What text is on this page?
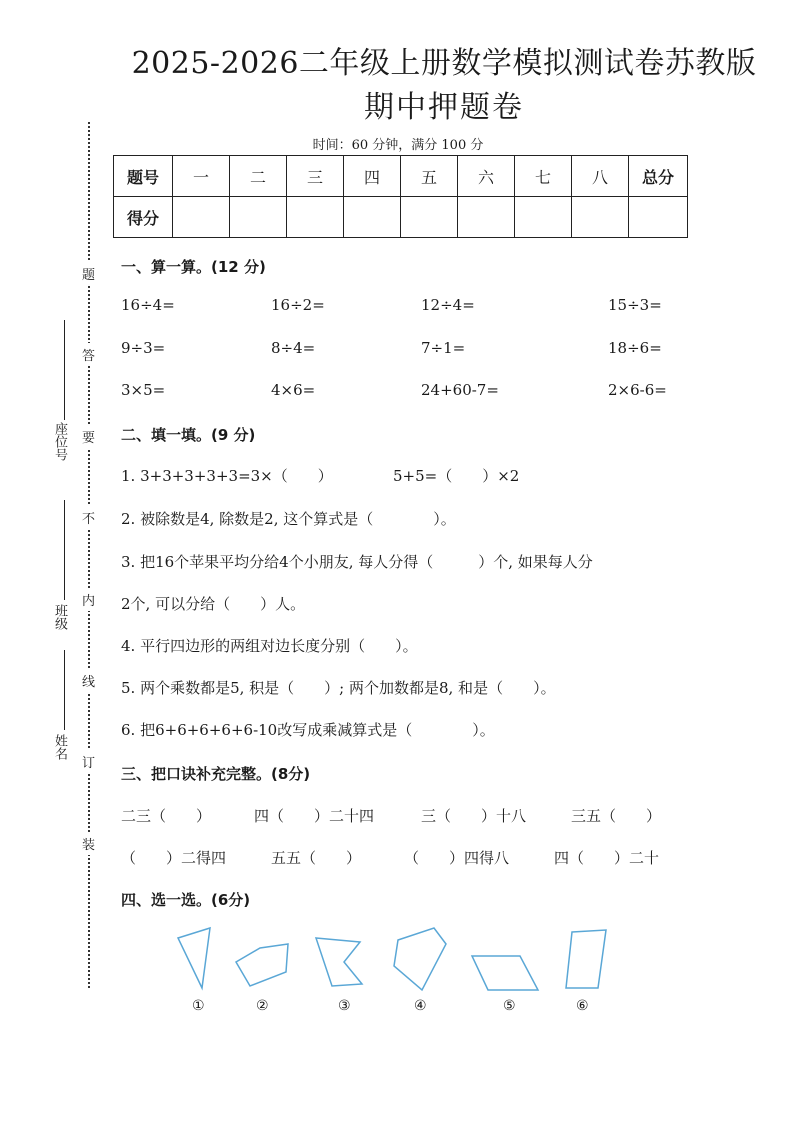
2025-2026二年级上册数学模拟测试卷苏教版
期中押题卷
时间：60 分钟，满分 100 分
题号	一	二	三	四	五	六	七	八	总分
得分									
题
答
要
不
内
线
订
装
座位号
班级
姓名
一、算一算。(12 分)
16÷4=	16÷2=	12÷4=	15÷3=
9÷3=	8÷4=	7÷1=	18÷6=
3×5=	4×6=	24+60-7=	2×6-6=
二、填一填。(9 分)
1. 3+3+3+3+3=3×（　　）	5+5=（　　）×2
2. 被除数是4, 除数是2, 这个算式是（　　　　）。
3. 把16个苹果平均分给4个小朋友, 每人分得（　　　）个, 如果每人分
2个, 可以分给（　　）人。
4. 平行四边形的两组对边长度分别（　　）。
5. 两个乘数都是5, 积是（　　）; 两个加数都是8, 和是（　　）。
6. 把6+6+6+6+6-10改写成乘减算式是（　　　　）。
三、把口诀补充完整。(8分)
二三（　　）	四（　　）二十四	三（　　）十八	三五（　　）
（　　）二得四	五五（　　）	（　　）四得八	四（　　）二十
四、选一选。(6分)
①	②	③	④	⑤	⑥
